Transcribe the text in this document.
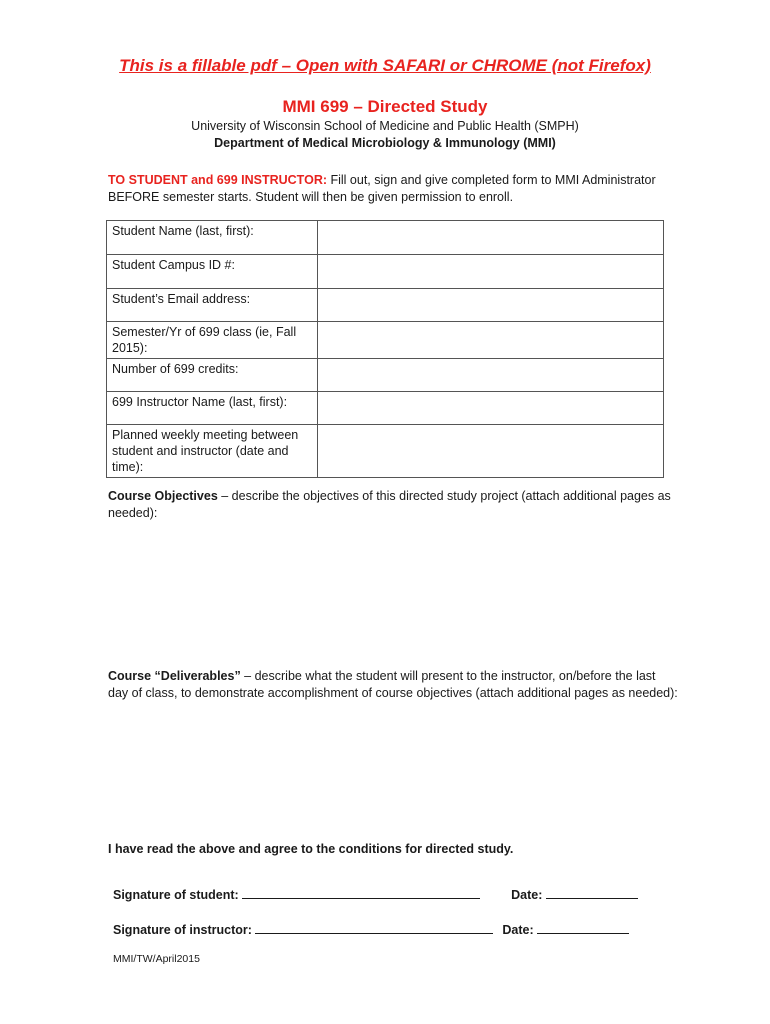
This is a fillable pdf – Open with SAFARI or CHROME (not Firefox)
MMI 699 – Directed Study
University of Wisconsin School of Medicine and Public Health (SMPH)
Department of Medical Microbiology & Immunology (MMI)
TO STUDENT and 699 INSTRUCTOR: Fill out, sign and give completed form to MMI Administrator BEFORE semester starts. Student will then be given permission to enroll.
Student Name (last, first):	
Student Campus ID #:	
Student’s Email address:	
Semester/Yr of 699 class (ie, Fall 2015):	
Number of 699 credits:	
699 Instructor Name (last, first):	
Planned weekly meeting between student and instructor (date and time):	
Course Objectives – describe the objectives of this directed study project (attach additional pages as needed):
Course “Deliverables” – describe what the student will present to the instructor, on/before the last day of class, to demonstrate accomplishment of course objectives (attach additional pages as needed):
I have read the above and agree to the conditions for directed study.
Signature of student:	Date:
Signature of instructor:	Date:
MMI/TW/April2015
